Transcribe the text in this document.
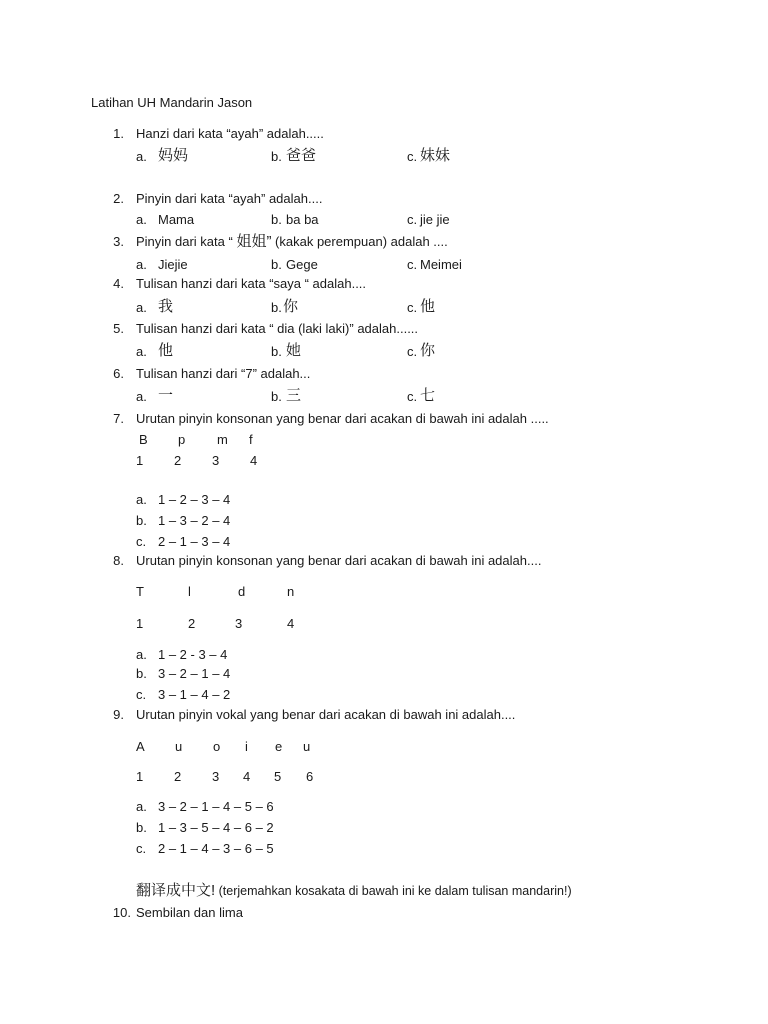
Latihan UH Mandarin Jason
1. Hanzi dari kata “ayah” adalah.....
a. 妈妈	b. 爸爸	c. 妹妹
2. Pinyin dari kata “ayah” adalah....
a. Mama	b. ba ba	c. jie jie
3. Pinyin dari kata “ 姐姐” (kakak perempuan) adalah ....
a. Jiejie	b. Gege	c. Meimei
4. Tulisan hanzi dari kata “saya “ adalah....
a. 我	b. 你	c. 他
5. Tulisan hanzi dari kata “ dia (laki laki)” adalah......
a. 他	b. 她	c. 你
6. Tulisan hanzi dari “7” adalah...
a. 一	b. 三	c. 七
7. Urutan pinyin konsonan yang benar dari acakan di bawah ini adalah .....
B p m f
1 2 3 4
a. 1 – 2 – 3 – 4
b. 1 – 3 – 2 – 4
c. 2 – 1 – 3 – 4
8. Urutan pinyin konsonan yang benar dari acakan di bawah ini adalah....
T	l	d	n
1	2	3	4
a. 1 – 2 - 3 – 4
b. 3 – 2 – 1 – 4
c. 3 – 1 – 4 – 2
9. Urutan pinyin vokal yang benar dari acakan di bawah ini adalah....
A u o i e u
1 2 3 4 5 6
a. 3 – 2 – 1 – 4 – 5 – 6
b. 1 – 3 – 5 – 4 – 6 – 2
c. 2 – 1 – 4 – 3 – 6 – 5
翻译成中文! (terjemahkan kosakata di bawah ini ke dalam tulisan mandarin!)
10. Sembilan dan lima
